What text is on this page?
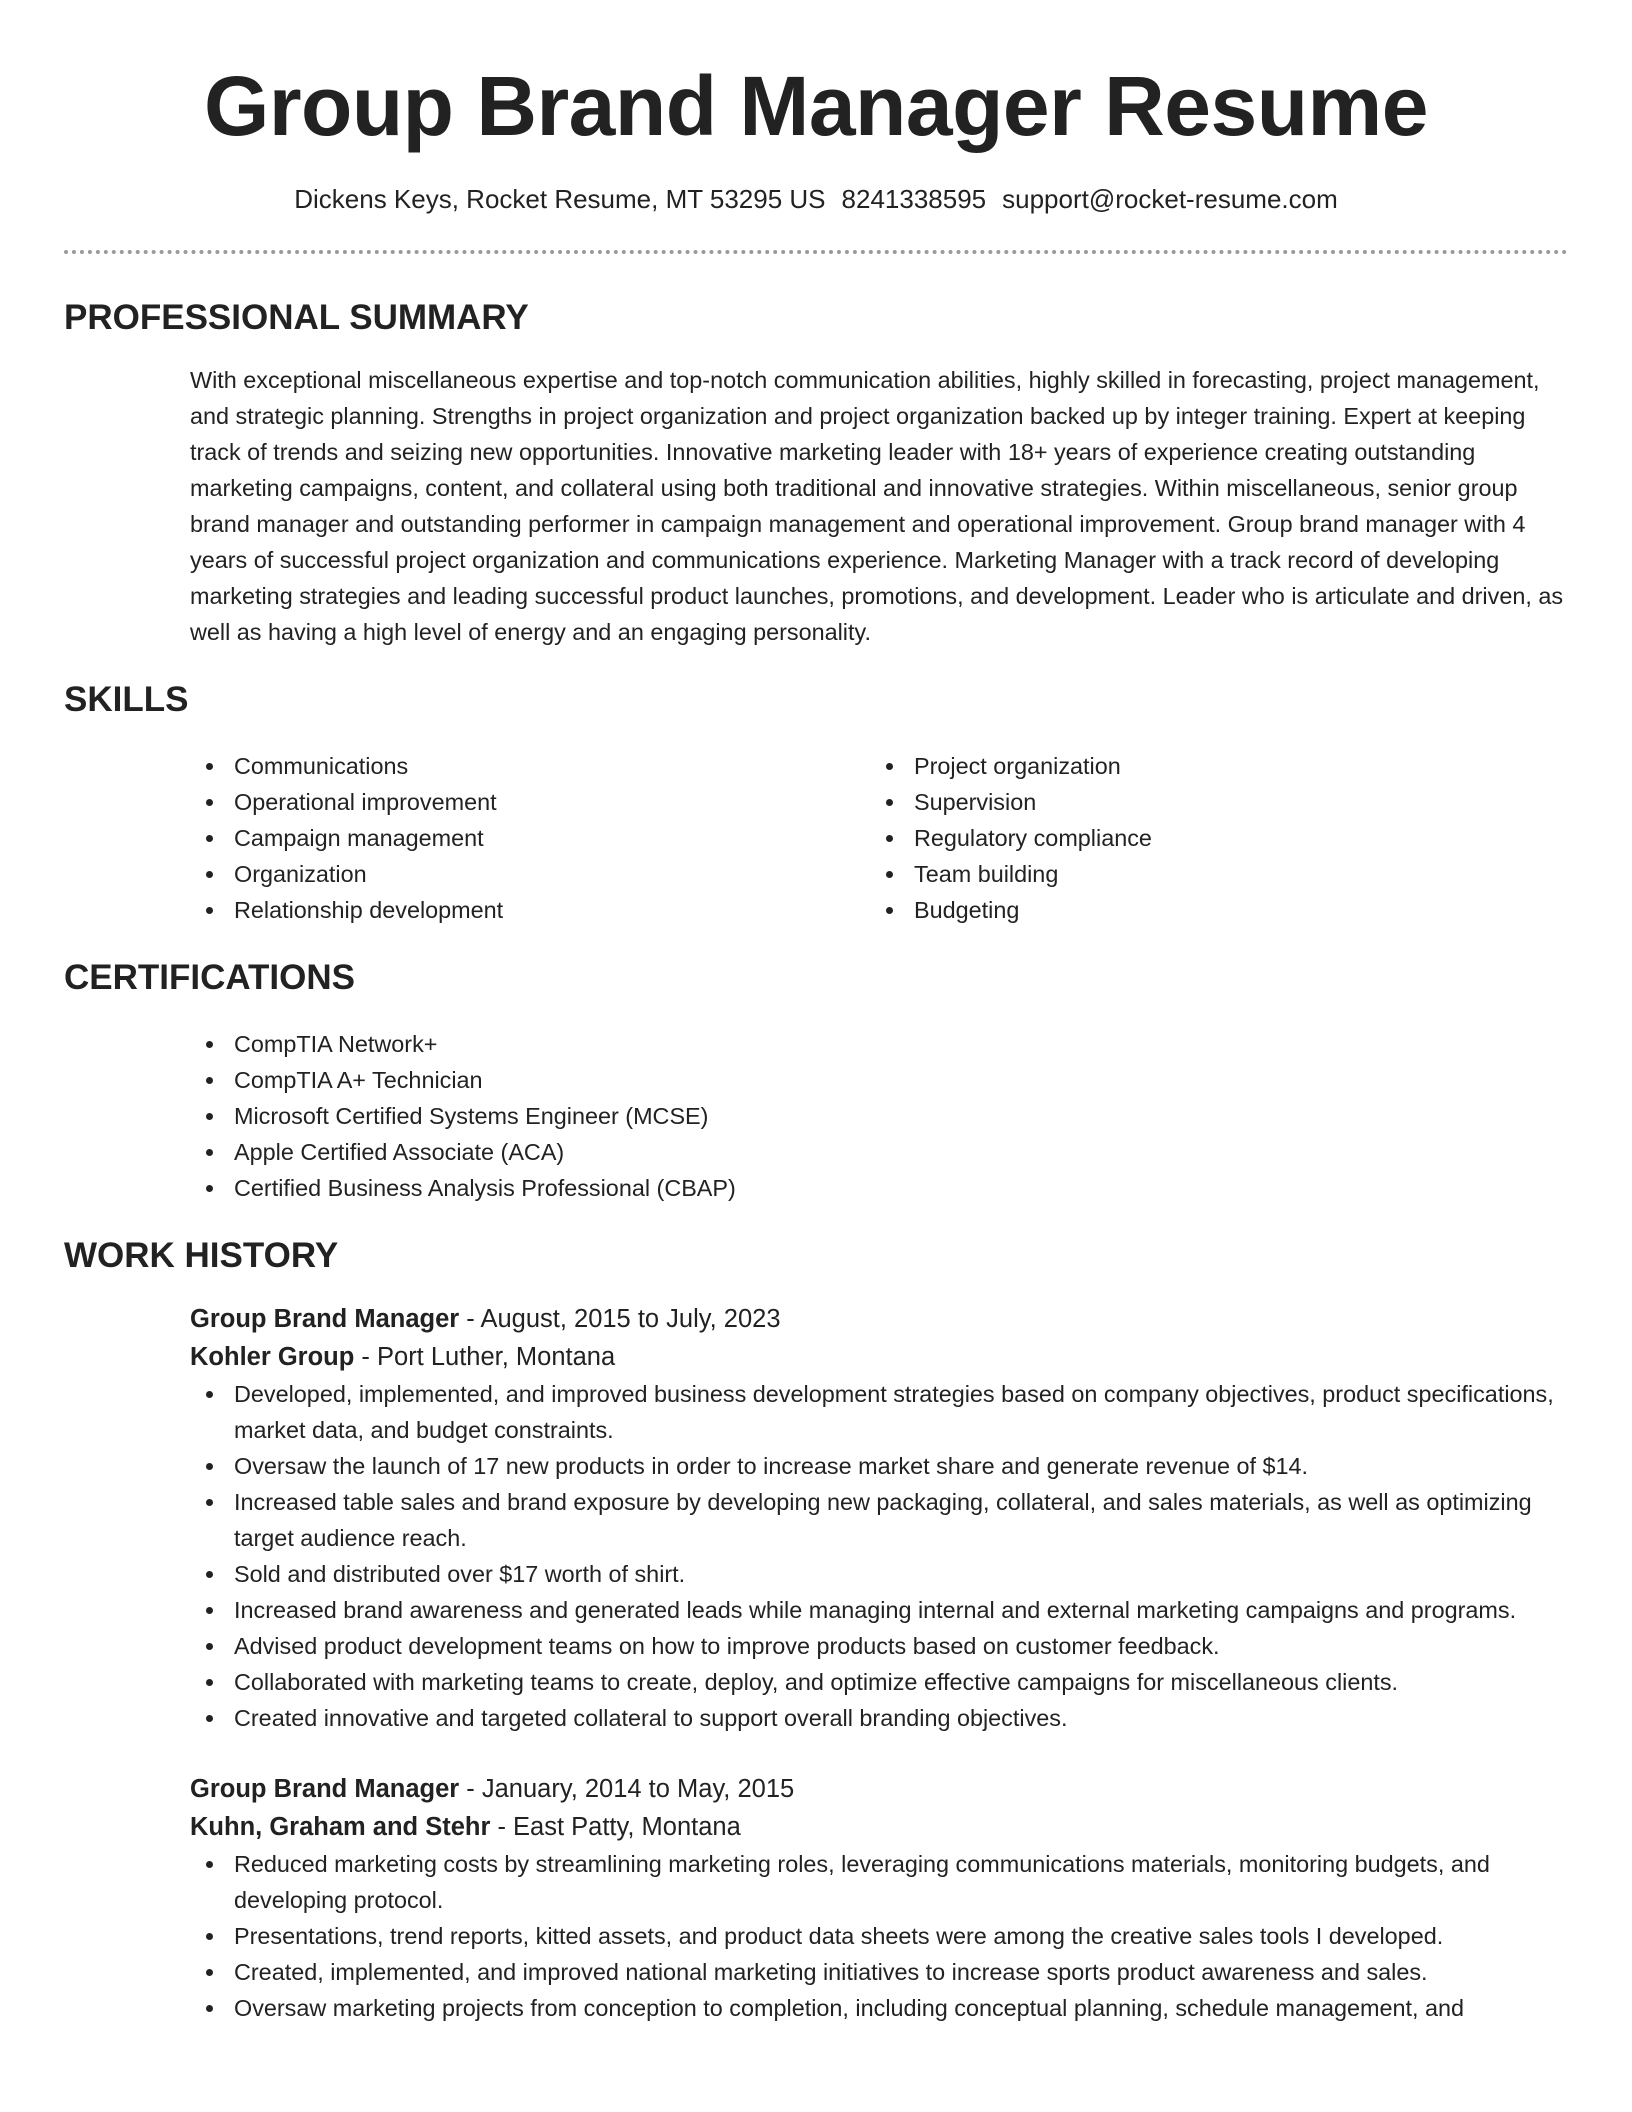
Group Brand Manager Resume
Dickens Keys, Rocket Resume, MT 53295 US 8241338595 support@rocket-resume.com
PROFESSIONAL SUMMARY

With exceptional miscellaneous expertise and top-notch communication abilities, highly skilled in forecasting, project management, and strategic planning. Strengths in project organization and project organization backed up by integer training. Expert at keeping track of trends and seizing new opportunities. Innovative marketing leader with 18+ years of experience creating outstanding marketing campaigns, content, and collateral using both traditional and innovative strategies. Within miscellaneous, senior group brand manager and outstanding performer in campaign management and operational improvement. Group brand manager with 4 years of successful project organization and communications experience. Marketing Manager with a track record of developing marketing strategies and leading successful product launches, promotions, and development. Leader who is articulate and driven, as well as having a high level of energy and an engaging personality.

SKILLS
Communications
Operational improvement
Campaign management
Organization
Relationship development
Project organization
Supervision
Regulatory compliance
Team building
Budgeting
CERTIFICATIONS
CompTIA Network+
CompTIA A+ Technician
Microsoft Certified Systems Engineer (MCSE)
Apple Certified Associate (ACA)
Certified Business Analysis Professional (CBAP)
WORK HISTORY
Group Brand Manager - August, 2015 to July, 2023
Kohler Group - Port Luther, Montana
Developed, implemented, and improved business development strategies based on company objectives, product specifications, market data, and budget constraints.
Oversaw the launch of 17 new products in order to increase market share and generate revenue of $14.
Increased table sales and brand exposure by developing new packaging, collateral, and sales materials, as well as optimizing target audience reach.
Sold and distributed over $17 worth of shirt.
Increased brand awareness and generated leads while managing internal and external marketing campaigns and programs.
Advised product development teams on how to improve products based on customer feedback.
Collaborated with marketing teams to create, deploy, and optimize effective campaigns for miscellaneous clients.
Created innovative and targeted collateral to support overall branding objectives.
Group Brand Manager - January, 2014 to May, 2015
Kuhn, Graham and Stehr - East Patty, Montana
Reduced marketing costs by streamlining marketing roles, leveraging communications materials, monitoring budgets, and developing protocol.
Presentations, trend reports, kitted assets, and product data sheets were among the creative sales tools I developed.
Created, implemented, and improved national marketing initiatives to increase sports product awareness and sales.
Oversaw marketing projects from conception to completion, including conceptual planning, schedule management, and
